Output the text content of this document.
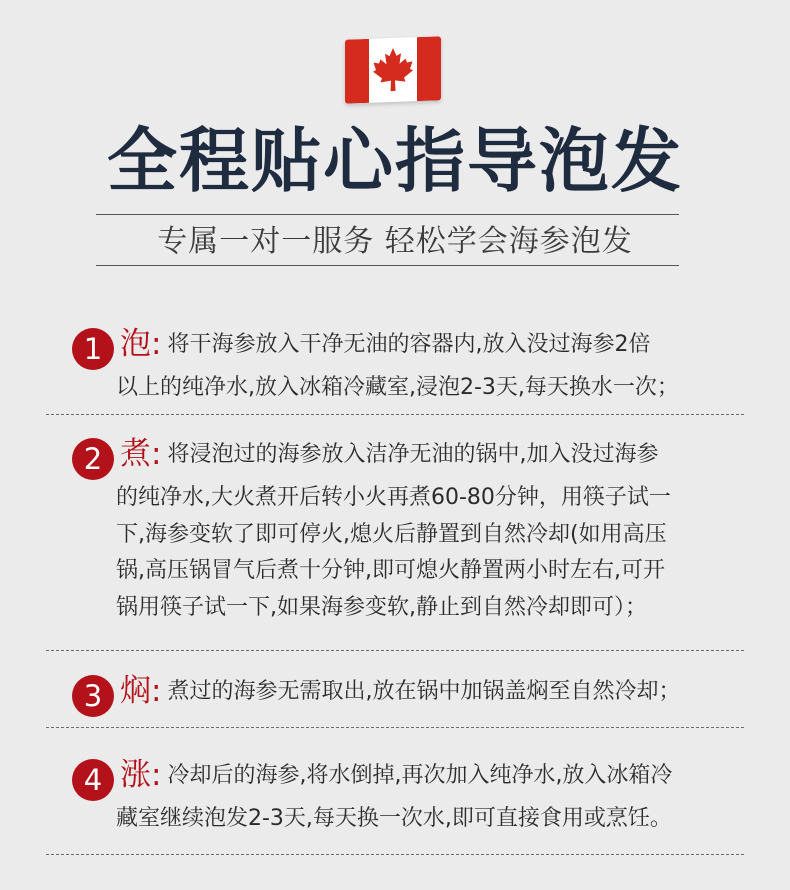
全程贴心指导泡发
专属一对一服务 轻松学会海参泡发
1 泡: 将干海参放入干净无油的容器内,放入没过海参2倍
以上的纯净水,放入冰箱冷藏室,浸泡2-3天,每天换水一次；
2 煮: 将浸泡过的海参放入洁净无油的锅中,加入没过海参
的纯净水,大火煮开后转小火再煮60-80分钟，用筷子试一
下,海参变软了即可停火,熄火后静置到自然冷却(如用高压
锅,高压锅冒气后煮十分钟,即可熄火静置两小时左右,可开
锅用筷子试一下,如果海参变软,静止到自然冷却即可）；
3 焖: 煮过的海参无需取出,放在锅中加锅盖焖至自然冷却；
4 涨: 冷却后的海参,将水倒掉,再次加入纯净水,放入冰箱冷
藏室继续泡发2-3天,每天换一次水,即可直接食用或烹饪。
